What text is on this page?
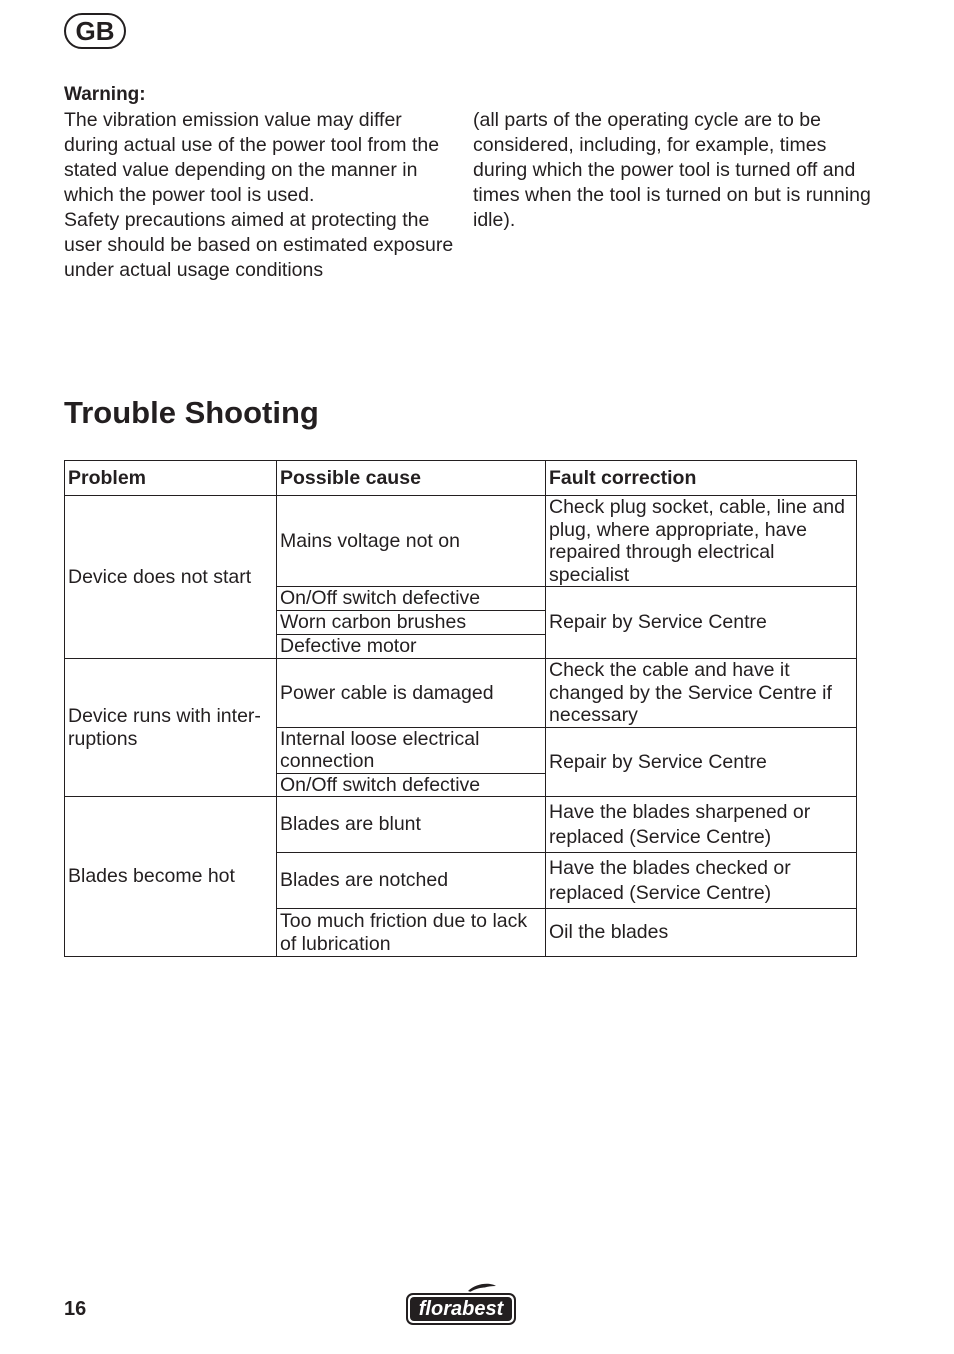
GB
Warning:

The vibration emission value may differ during actual use of the power tool from the stated value depending on the manner in which the power tool is used.

Safety precautions aimed at protecting the user should be based on estimated exposure under actual usage conditions

(all parts of the operating cycle are to be considered, including, for example, times during which the power tool is turned off and times when the tool is turned on but is running idle).

Trouble Shooting
Problem	Possible cause	Fault correction
Device does not start	Mains voltage not on	Check plug socket, cable, line and plug, where appropriate, have repaired through electrical specialist
	On/Off switch defective	Repair by Service Centre
	Worn carbon brushes	
	Defective motor	
Device runs with inter-ruptions	Power cable is damaged	Check the cable and have it changed by the Service Centre if necessary
	Internal loose electrical connection	Repair by Service Centre
	On/Off switch defective	
Blades become hot	Blades are blunt	Have the blades sharpened or replaced (Service Centre)
	Blades are notched	Have the blades checked or replaced (Service Centre)
	Too much friction due to lack of lubrication	Oil the blades
16	florabest
